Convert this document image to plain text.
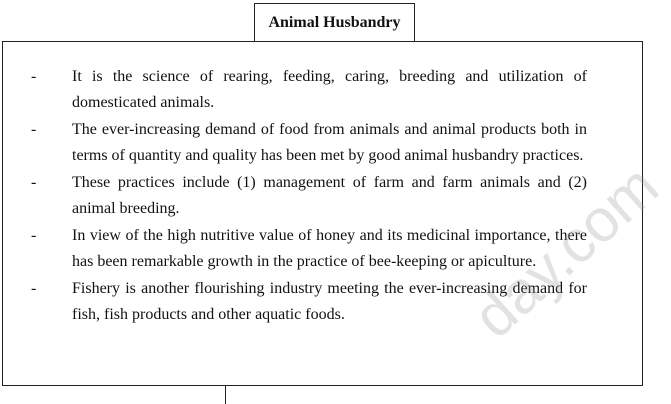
Animal Husbandry
- It is the science of rearing, feeding, caring, breeding and utilization of domesticated animals.
- The ever-increasing demand of food from animals and animal products both in terms of quantity and quality has been met by good animal husbandry practices.
- These practices include (1) management of farm and farm animals and (2) animal breeding.
- In view of the high nutritive value of honey and its medicinal importance, there has been remarkable growth in the practice of bee-keeping or apiculture.
- Fishery is another flourishing industry meeting the ever-increasing demand for fish, fish products and other aquatic foods.	day.com
